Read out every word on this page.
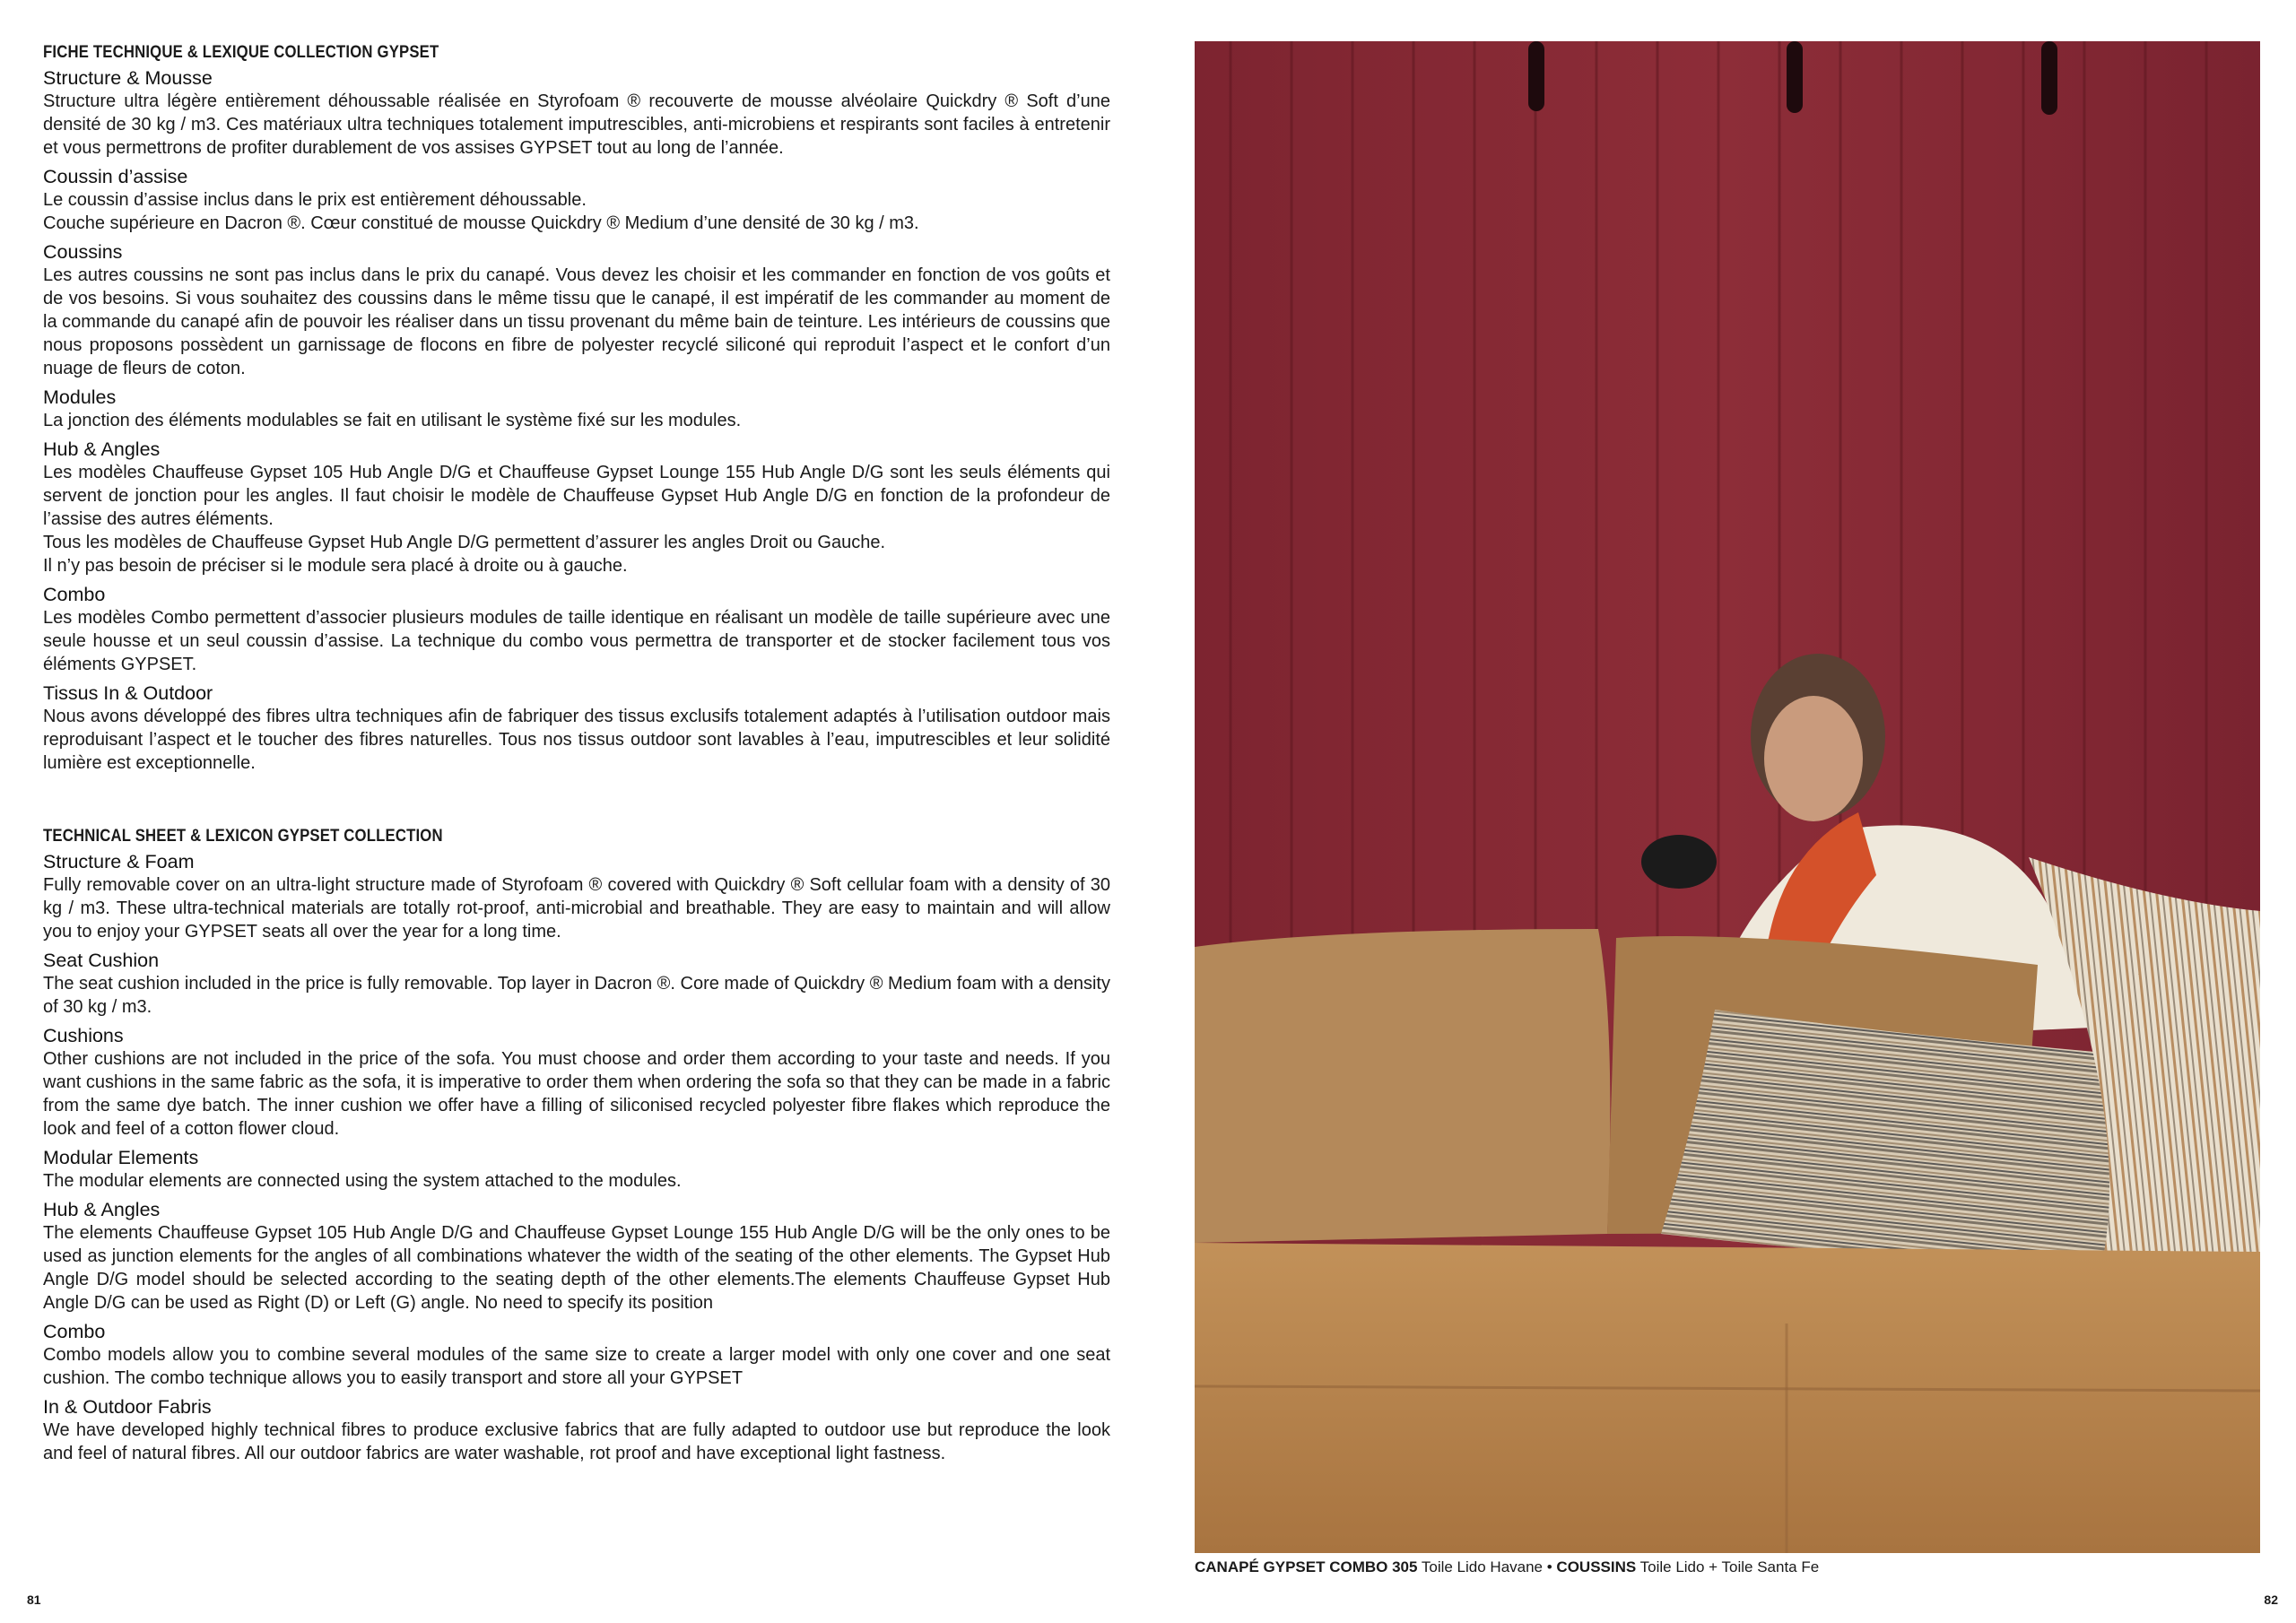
FICHE TECHNIQUE & LEXIQUE COLLECTION GYPSET
Structure & Mousse

Structure ultra légère entièrement déhoussable réalisée en Styrofoam ® recouverte de mousse alvéolaire Quickdry ® Soft d’une densité de 30 kg / m3. Ces matériaux ultra techniques totalement imputrescibles, anti-microbiens et respirants sont faciles à entretenir et vous permettrons de profiter durablement de vos assises GYPSET tout au long de l’année.

Coussin d’assise

Le coussin d’assise inclus dans le prix est entièrement déhoussable.

Couche supérieure en Dacron ®. Cœur constitué de mousse Quickdry ® Medium d’une densité de 30 kg / m3.

Coussins

Les autres coussins ne sont pas inclus dans le prix du canapé. Vous devez les choisir et les commander en fonction de vos goûts et de vos besoins. Si vous souhaitez des coussins dans le même tissu que le canapé, il est impératif de les commander au moment de la commande du canapé afin de pouvoir les réaliser dans un tissu provenant du même bain de teinture. Les intérieurs de coussins que nous proposons possèdent un garnissage de flocons en fibre de polyester recyclé siliconé qui reproduit l’aspect et le confort d’un nuage de fleurs de coton.

Modules

La jonction des éléments modulables se fait en utilisant le système fixé sur les modules.

Hub & Angles

Les modèles Chauffeuse Gypset 105 Hub Angle D/G et Chauffeuse Gypset Lounge 155 Hub Angle D/G sont les seuls éléments qui servent de jonction pour les angles. Il faut choisir le modèle de Chauffeuse Gypset Hub Angle D/G en fonction de la profondeur de l’assise des autres éléments.

Tous les modèles de Chauffeuse Gypset Hub Angle D/G permettent d’assurer les angles Droit ou Gauche.

Il n’y pas besoin de préciser si le module sera placé à droite ou à gauche.

Combo

Les modèles Combo permettent d’associer plusieurs modules de taille identique en réalisant un modèle de taille supérieure avec une seule housse et un seul coussin d’assise. La technique du combo vous permettra de transporter et de stocker facilement tous vos éléments GYPSET.

Tissus In & Outdoor

Nous avons développé des fibres ultra techniques afin de fabriquer des tissus exclusifs totalement adaptés à l’utilisation outdoor mais reproduisant l’aspect et le toucher des fibres naturelles. Tous nos tissus outdoor sont lavables à l’eau, imputrescibles et leur solidité lumière est exceptionnelle.

TECHNICAL SHEET & LEXICON GYPSET COLLECTION
Structure & Foam

Fully removable cover on an ultra-light structure made of Styrofoam ® covered with Quickdry ® Soft cellular foam with a density of 30 kg / m3. These ultra-technical materials are totally rot-proof, anti-microbial and breathable. They are easy to maintain and will allow you to enjoy your GYPSET seats all over the year for a long time.

Seat Cushion

The seat cushion included in the price is fully removable. Top layer in Dacron ®. Core made of Quickdry ® Medium foam with a density of 30 kg / m3.

Cushions

Other cushions are not included in the price of the sofa. You must choose and order them according to your taste and needs. If you want cushions in the same fabric as the sofa, it is imperative to order them when ordering the sofa so that they can be made in a fabric from the same dye batch. The inner cushion we offer have a filling of siliconised recycled polyester fibre flakes which reproduce the look and feel of a cotton flower cloud.

Modular Elements

The modular elements are connected using the system attached to the modules.

Hub & Angles

The elements Chauffeuse Gypset 105 Hub Angle D/G and Chauffeuse Gypset Lounge 155 Hub Angle D/G will be the only ones to be used as junction elements for the angles of all combinations whatever the width of the seating of the other elements. The Gypset Hub Angle D/G model should be selected according to the seating depth of the other elements.The elements Chauffeuse Gypset Hub Angle D/G can be used as Right (D) or Left (G) angle. No need to specify its position

Combo

Combo models allow you to combine several modules of the same size to create a larger model with only one cover and one seat cushion. The combo technique allows you to easily transport and store all your GYPSET

In & Outdoor Fabris

We have developed highly technical fibres to produce exclusive fabrics that are fully adapted to outdoor use but reproduce the look and feel of natural fibres. All our outdoor fabrics are water washable, rot proof and have exceptional light fastness.

81
CANAPÉ GYPSET COMBO 305 Toile Lido Havane • COUSSINS Toile Lido + Toile Santa Fe
82
